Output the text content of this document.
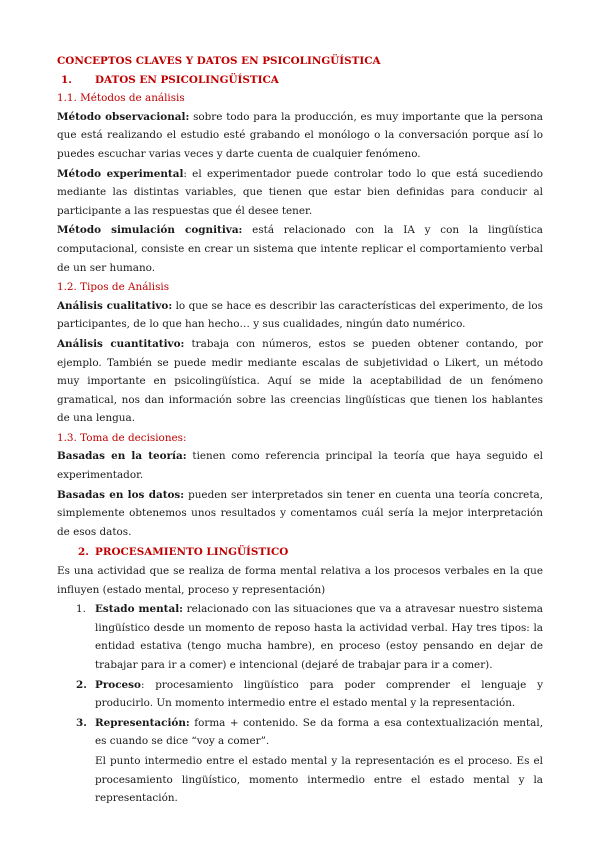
CONCEPTOS CLAVES Y DATOS EN PSICOLINGÜÍSTICA

1. DATOS EN PSICOLINGÜÍSTICA

1.1. Métodos de análisis

Método observacional: sobre todo para la producción, es muy importante que la persona que está realizando el estudio esté grabando el monólogo o la conversación porque así lo puedes escuchar varias veces y darte cuenta de cualquier fenómeno.

Método experimental: el experimentador puede controlar todo lo que está sucediendo mediante las distintas variables, que tienen que estar bien definidas para conducir al participante a las respuestas que él desee tener.

Método simulación cognitiva: está relacionado con la IA y con la lingüística computacional, consiste en crear un sistema que intente replicar el comportamiento verbal de un ser humano.

1.2. Tipos de Análisis

Análisis cualitativo: lo que se hace es describir las características del experimento, de los participantes, de lo que han hecho… y sus cualidades, ningún dato numérico.

Análisis cuantitativo: trabaja con números, estos se pueden obtener contando, por ejemplo. También se puede medir mediante escalas de subjetividad o Likert, un método muy importante en psicolingüística. Aquí se mide la aceptabilidad de un fenómeno gramatical, nos dan información sobre las creencias lingüísticas que tienen los hablantes de una lengua.

1.3. Toma de decisiones:

Basadas en la teoría: tienen como referencia principal la teoría que haya seguido el experimentador.

Basadas en los datos: pueden ser interpretados sin tener en cuenta una teoría concreta, simplemente obtenemos unos resultados y comentamos cuál sería la mejor interpretación de esos datos.

2. PROCESAMIENTO LINGÜÍSTICO

Es una actividad que se realiza de forma mental relativa a los procesos verbales en la que influyen (estado mental, proceso y representación)

1. Estado mental: relacionado con las situaciones que va a atravesar nuestro sistema lingüístico desde un momento de reposo hasta la actividad verbal. Hay tres tipos: la entidad estativa (tengo mucha hambre), en proceso (estoy pensando en dejar de trabajar para ir a comer) e intencional (dejaré de trabajar para ir a comer).
2. Proceso: procesamiento lingüístico para poder comprender el lenguaje y producirlo. Un momento intermedio entre el estado mental y la representación.
3. Representación: forma + contenido. Se da forma a esa contextualización mental, es cuando se dice “voy a comer”.

El punto intermedio entre el estado mental y la representación es el proceso. Es el procesamiento lingüístico, momento intermedio entre el estado mental y la representación.
